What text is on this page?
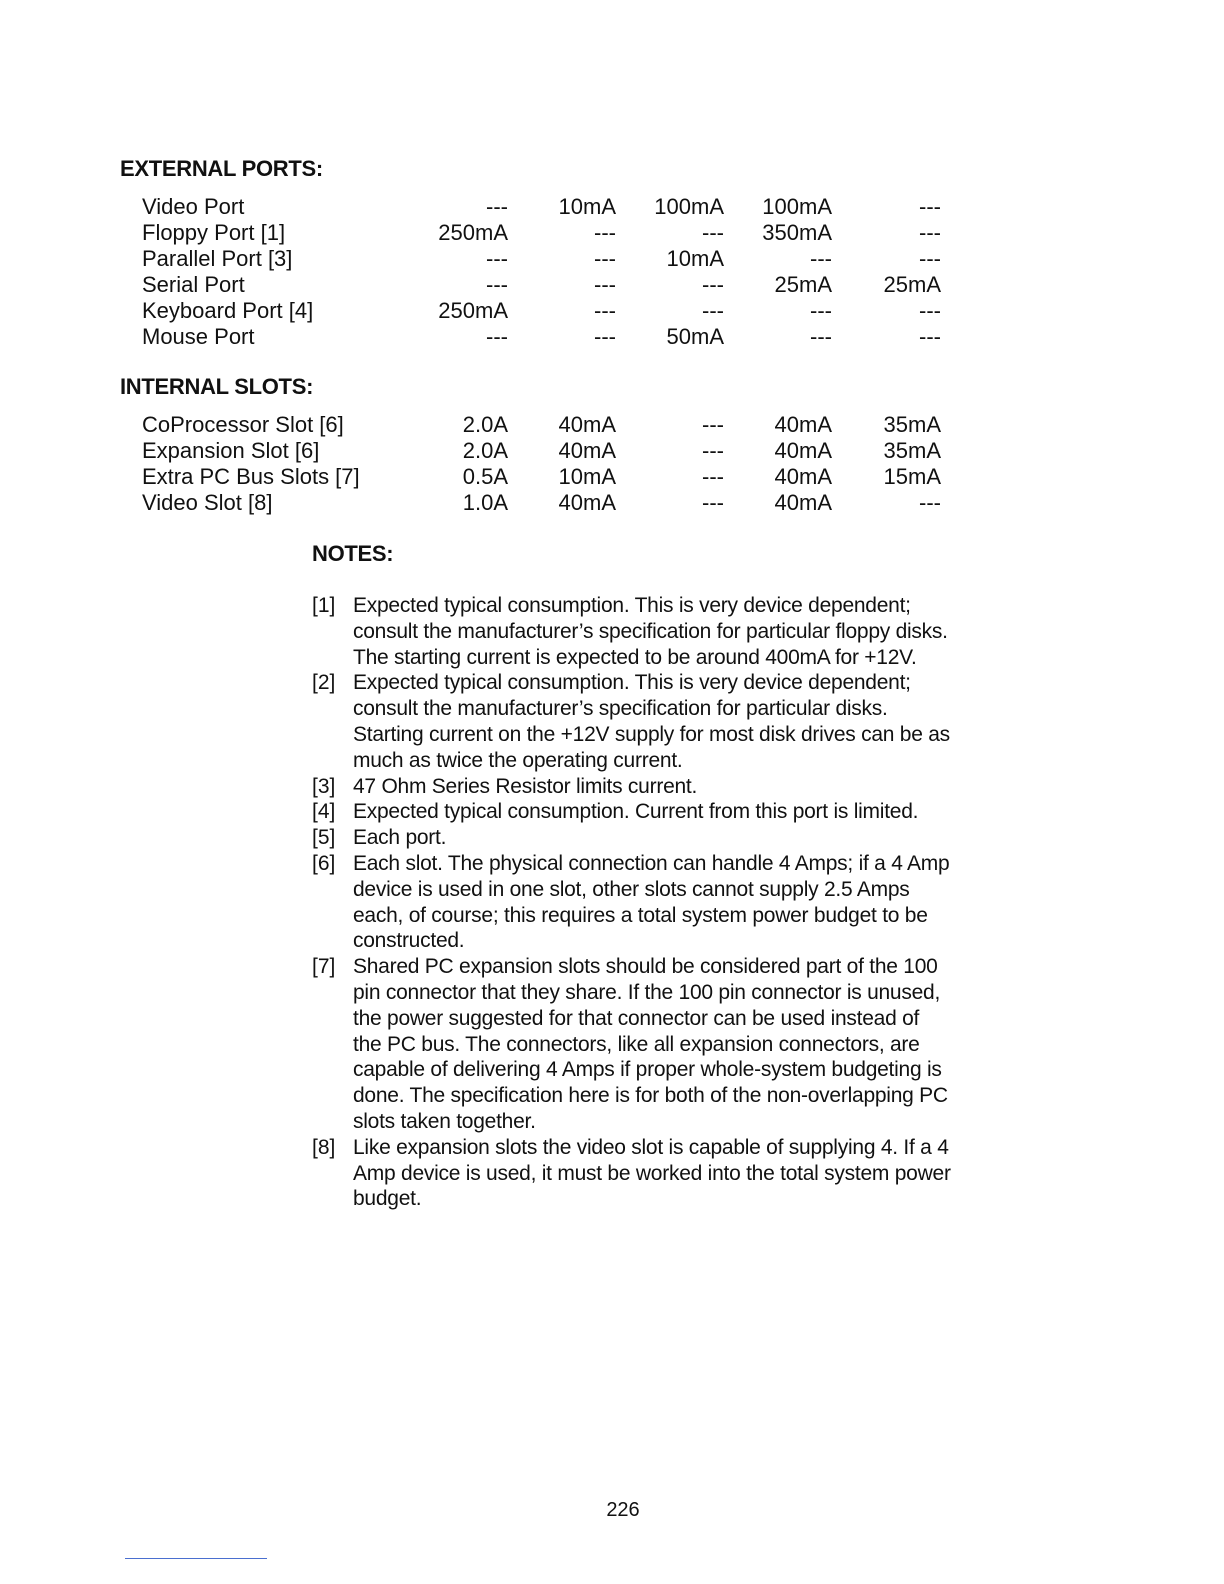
EXTERNAL PORTS:
Video Port	---	10mA	100mA	100mA	---
Floppy Port [1]	250mA	---	---	350mA	---
Parallel Port [3]	---	---	10mA	---	---
Serial Port	---	---	---	25mA	25mA
Keyboard Port [4]	250mA	---	---	---	---
Mouse Port	---	---	50mA	---	---
INTERNAL SLOTS:
CoProcessor Slot [6]	2.0A	40mA	---	40mA	35mA
Expansion Slot [6]	2.0A	40mA	---	40mA	35mA
Extra PC Bus Slots [7]	0.5A	10mA	---	40mA	15mA
Video Slot [8]	1.0A	40mA	---	40mA	---
NOTES:
[1] Expected typical consumption. This is very device dependent; consult the manufacturer’s specification for particular floppy disks. The starting current is expected to be around 400mA for +12V.
[2] Expected typical consumption. This is very device dependent; consult the manufacturer’s specification for particular disks. Starting current on the +12V supply for most disk drives can be as much as twice the operating current.
[3] 47 Ohm Series Resistor limits current.
[4] Expected typical consumption. Current from this port is limited.
[5] Each port.
[6] Each slot. The physical connection can handle 4 Amps; if a 4 Amp device is used in one slot, other slots cannot supply 2.5 Amps each, of course; this requires a total system power budget to be constructed.
[7] Shared PC expansion slots should be considered part of the 100 pin connector that they share. If the 100 pin connector is unused, the power suggested for that connector can be used instead of the PC bus. The connectors, like all expansion connectors, are capable of delivering 4 Amps if proper whole-system budgeting is done. The specification here is for both of the non-overlapping PC slots taken together.
[8] Like expansion slots the video slot is capable of supplying 4. If a 4 Amp device is used, it must be worked into the total system power budget.
226
